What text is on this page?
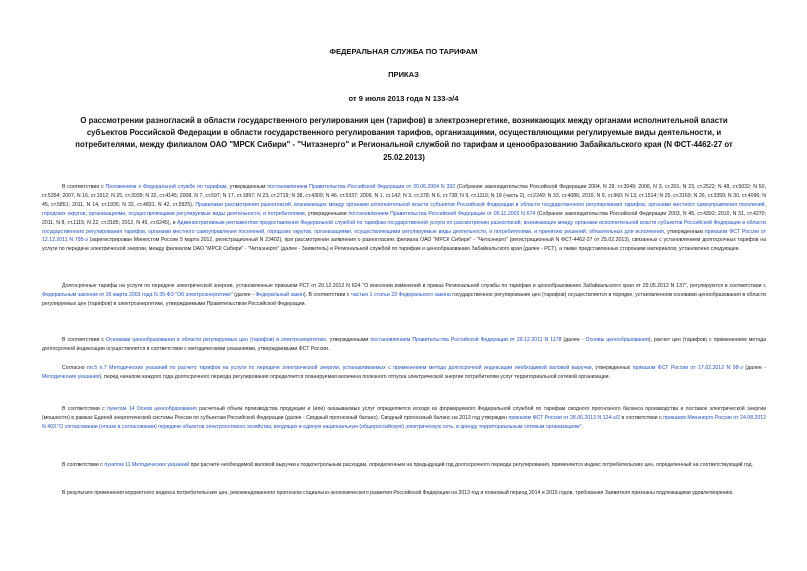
ФЕДЕРАЛЬНАЯ СЛУЖБА ПО ТАРИФАМ
ПРИКАЗ
от 9 июля 2013 года N 133-э/4
О рассмотрении разногласий в области государственного регулирования цен (тарифов) в электроэнергетике, возникающих между органами исполнительной власти субъектов Российской Федерации в области государственного регулирования тарифов, организациями, осуществляющими регулируемые виды деятельности, и потребителями, между филиалом ОАО "МРСК Сибири" - "Читаэнерго" и Региональной службой по тарифам и ценообразованию Забайкальского края (N ФСТ-4462-27 от 25.02.2013)

В соответствии с Положением о Федеральной службе по тарифам, утвержденным постановлением Правительства Российской Федерации от 30.06.2004 N 332 (Собрание законодательства Российской Федерации 2004, N 29, ст.3049; 2006, N 3, ст.301; N 23, ст.2522; N 48, ст.5032; N 50, ст.5354; 2007, N 16, ст.1912; N 25, ст.3039; N 32, ст.4145; 2008, N 7, ст.597; N 17, ст.1897; N 23, ст.2719; N 38, ст.4309; N 46, ст.5337; 2009, N 1, ст.142; N 3, ст.378; N 6, ст.738; N 9, ст.1119; N 18 (часть 2), ст.2249; N 33, ст.4086; 2010, N 9, ст.960; N 13, ст.1514; N 25, ст.3169; N 26, ст.3350; N 30, ст.4096; N 45, ст.5851; 2011, N 14, ст.1935; N 32, ст.4831, N 42, ст.5925), Правилами рассмотрения разногласий, возникающих между органами исполнительной власти субъектов Российской Федерации в области государственного регулирования тарифов, органами местного самоуправления поселений, городских округов, организациями, осуществляющими регулируемые виды деятельности, и потребителями, утвержденными постановлением Правительства Российской Федерации от 05.11.2003 N 674 (Собрание законодательства Российской Федерации 2003, N 45, ст.4392; 2010, N 31, ст.4270; 2011, N 8, ст.1115; N 22, ст.3185; 2012, N 45, ст.6245), и Административным регламентом предоставления Федеральной службой по тарифам государственной услуги по рассмотрению разногласий, возникающих между органами исполнительной власти субъектов Российской Федерации в области государственного регулирования тарифов, органами местного самоуправления поселений, городских округов, организациями, осуществляющими регулируемые виды деятельности, и потребителями, и принятию решений, обязательных для исполнения, утвержденным приказом ФСТ России от 12.12.2011 N 795-э (зарегистрирован Минюстом России 5 марта 2012, регистрационный N 23402), при рассмотрении заявления о разногласиях филиала ОАО "МРСК Сибири" - "Читаэнерго" (регистрационный N ФСТ-4462-27 от 25.02.2013), связанных с установлением долгосрочных тарифов на услуги по передаче электрической энергии, между филиалом ОАО "МРСК Сибири" - "Читаэнерго" (далее - Заявитель) и Региональной службой по тарифам и ценообразованию Забайкальского края (далее - РСТ), а также представленных сторонами материалов, установлено следующее.

Долгосрочные тарифы на услуги по передаче электрической энергии, установленные приказом РСТ от 20.12.2012 N 624 "О внесении изменений в приказ Региональной службы по тарифам и ценообразованию Забайкальского края от 29.05.2012 N 137", регулируются в соответствии с Федеральным законом от 26 марта 2003 года N 35-ФЗ "Об электроэнергетике" (далее - Федеральный закон). В соответствии с частью 1 статьи 23 Федерального закона государственное регулирование цен (тарифов) осуществляется в порядке, установленном основами ценообразования в области регулируемых цен (тарифов) в электроэнергетике, утверждаемыми Правительством Российской Федерации.

В соответствии с Основами ценообразования в области регулируемых цен (тарифов) в электроэнергетике, утвержденными постановлением Правительства Российской Федерации от 29.12.2011 N 1178 (далее - Основы ценообразования), расчет цен (тарифов) с применением метода долгосрочной индексации осуществляется в соответствии с методическими указаниями, утверждаемыми ФСТ России.

Согласно пп.5 п.7 Методических указаний по расчету тарифов на услуги по передаче электрической энергии, устанавливаемых с применением метода долгосрочной индексации необходимой валовой выручки, утвержденных приказом ФСТ России от 17.02.2012 N 98-э (далее - Методические указания), перед началом каждого года долгосрочного периода регулирования определяется планируемая величина полезного отпуска электрической энергии потребителям услуг территориальной сетевой организации.

В соответствии с пунктом 14 Основ ценообразования расчетный объем производства продукции и (или) оказываемых услуг определяется исходя из формируемого Федеральной службой по тарифам сводного прогнозного баланса производства и поставок электрической энергии (мощности) в рамках Единой энергетической системы России по субъектам Российской Федерации (далее - Сводный прогнозный баланс). Сводный прогнозный баланс на 2013 год утвержден приказом ФСТ России от 28.06.2013 N 124-э/2 в соответствии с приказом Минэнерго России от 24.08.2012 N 403 "О согласовании (отказе в согласовании) передачи объектов электросетевого хозяйства, входящих в единую национальную (общероссийскую) электрическую сеть, в аренду территориальным сетевым организациям".

В соответствии с пунктом 11 Методических указаний при расчете необходимой валовой выручки к подконтрольным расходам, определенным на предыдущий год долгосрочного периода регулирования, применяется индекс потребительских цен, определенный на соответствующий год.

В результате применения корректного индекса потребительских цен, рекомендованного прогнозом социально-экономического развития Российской Федерации на 2013 год и плановый период 2014 и 2015 годов, требования Заявителя признаны подлежащими удовлетворению.
